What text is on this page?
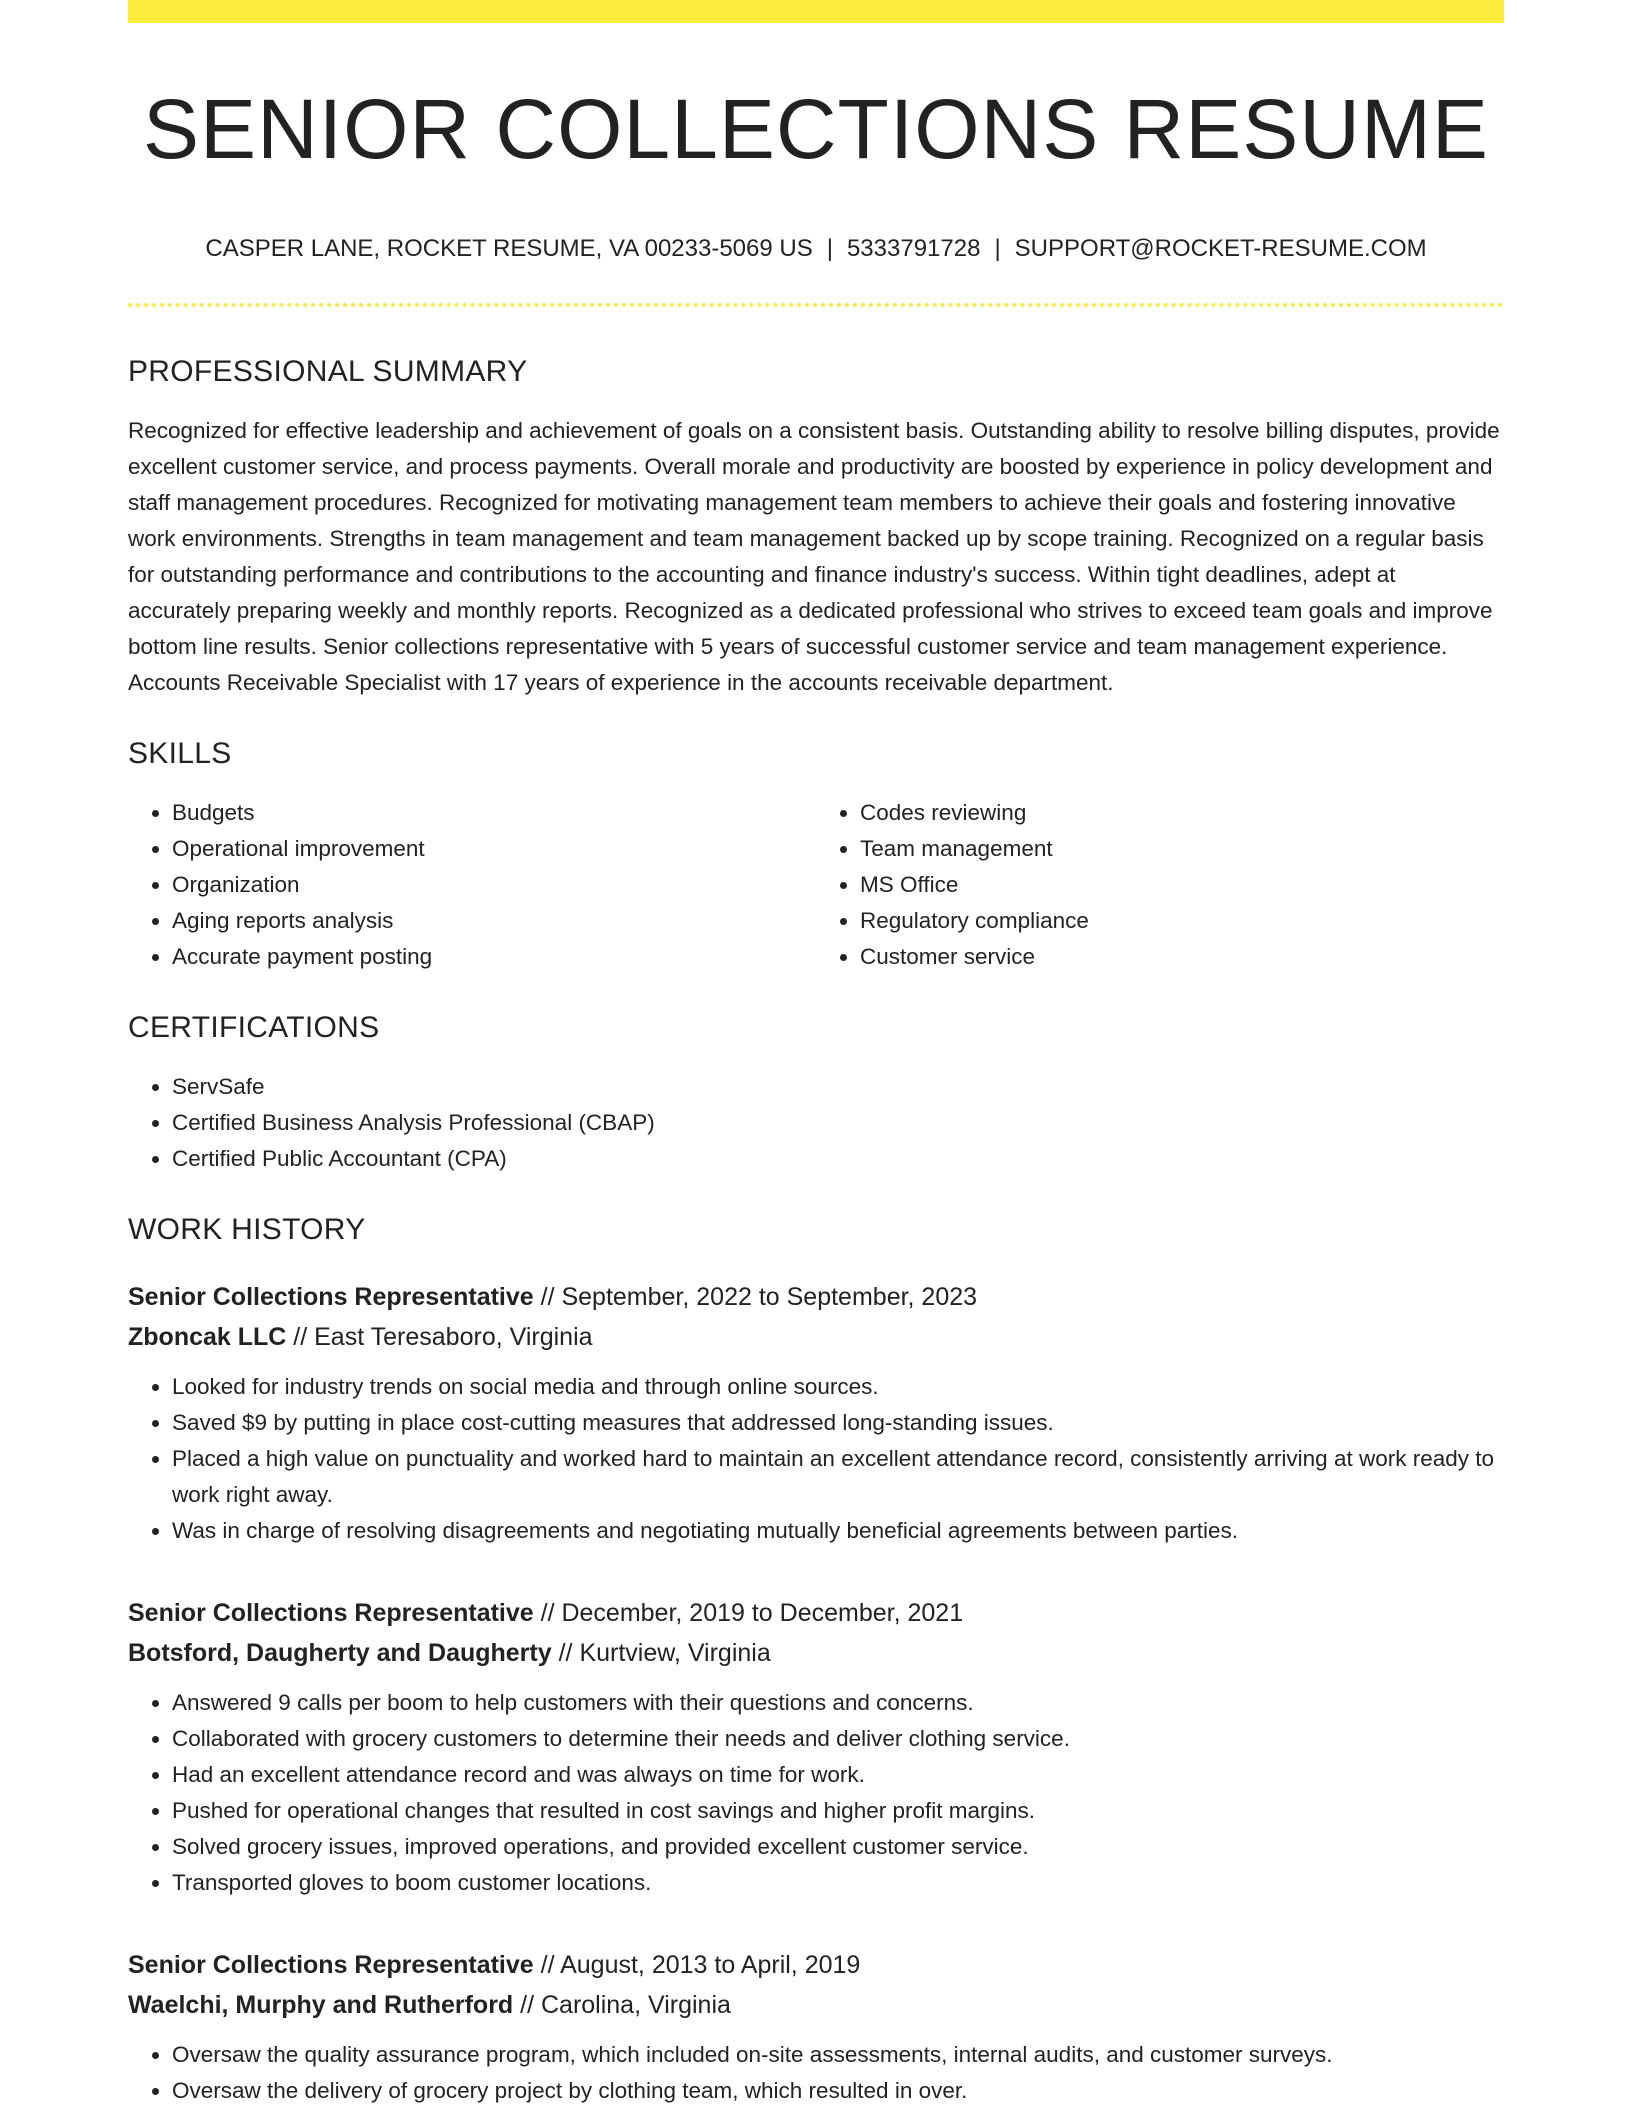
SENIOR COLLECTIONS RESUME
CASPER LANE, ROCKET RESUME, VA 00233-5069 US | 5333791728 | SUPPORT@ROCKET-RESUME.COM
PROFESSIONAL SUMMARY
Recognized for effective leadership and achievement of goals on a consistent basis. Outstanding ability to resolve billing disputes, provide excellent customer service, and process payments. Overall morale and productivity are boosted by experience in policy development and staff management procedures. Recognized for motivating management team members to achieve their goals and fostering innovative work environments. Strengths in team management and team management backed up by scope training. Recognized on a regular basis for outstanding performance and contributions to the accounting and finance industry's success. Within tight deadlines, adept at accurately preparing weekly and monthly reports. Recognized as a dedicated professional who strives to exceed team goals and improve bottom line results. Senior collections representative with 5 years of successful customer service and team management experience. Accounts Receivable Specialist with 17 years of experience in the accounts receivable department.
SKILLS
• Budgets
• Operational improvement
• Organization
• Aging reports analysis
• Accurate payment posting
• Codes reviewing
• Team management
• MS Office
• Regulatory compliance
• Customer service
CERTIFICATIONS
• ServSafe
• Certified Business Analysis Professional (CBAP)
• Certified Public Accountant (CPA)
WORK HISTORY
Senior Collections Representative // September, 2022 to September, 2023
Zboncak LLC // East Teresaboro, Virginia
• Looked for industry trends on social media and through online sources.
• Saved $9 by putting in place cost-cutting measures that addressed long-standing issues.
• Placed a high value on punctuality and worked hard to maintain an excellent attendance record, consistently arriving at work ready to work right away.
• Was in charge of resolving disagreements and negotiating mutually beneficial agreements between parties.
Senior Collections Representative // December, 2019 to December, 2021
Botsford, Daugherty and Daugherty // Kurtview, Virginia
• Answered 9 calls per boom to help customers with their questions and concerns.
• Collaborated with grocery customers to determine their needs and deliver clothing service.
• Had an excellent attendance record and was always on time for work.
• Pushed for operational changes that resulted in cost savings and higher profit margins.
• Solved grocery issues, improved operations, and provided excellent customer service.
• Transported gloves to boom customer locations.
Senior Collections Representative // August, 2013 to April, 2019
Waelchi, Murphy and Rutherford // Carolina, Virginia
• Oversaw the quality assurance program, which included on-site assessments, internal audits, and customer surveys.
• Oversaw the delivery of grocery project by clothing team, which resulted in over.
